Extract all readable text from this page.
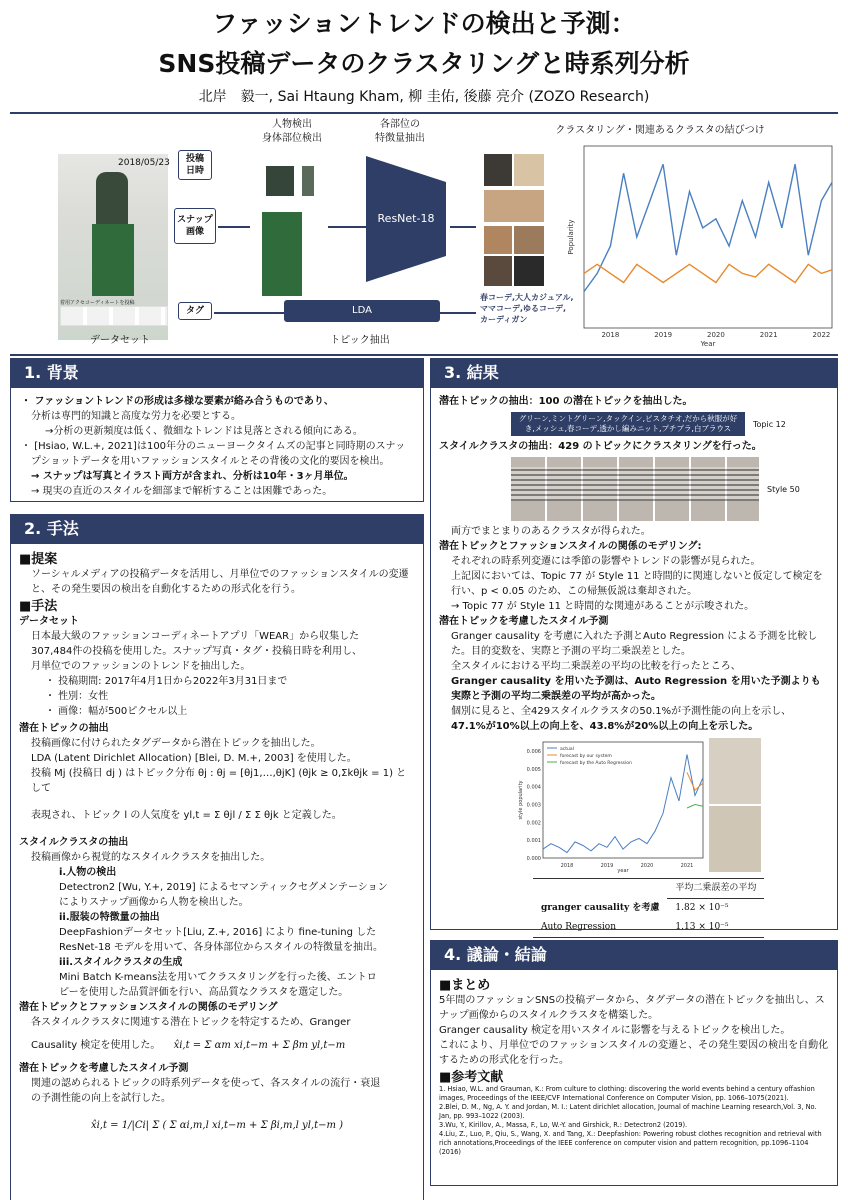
ファッショントレンドの検出と予測：
SNS投稿データのクラスタリングと時系列分析
北岸　毅一, Sai Htaung Kham, 柳 圭佑, 後藤 亮介 (ZOZO Research)
2018/05/23
着用アクセコーディネートを投稿
投稿
日時
スナップ
画像
タグ
人物検出
身体部位検出
各部位の
特徴量抽出
ResNet-18
LDA
データセット	トピック抽出
クラスタリング・関連あるクラスタの結びつけ
春コーデ,大人カジュアル,
ママコーデ,ゆるコーデ,
カーディガン
2018	2019	2020	2021	2022
Year
Popularity
1. 背景
・ ファッショントレンドの形成は多様な要素が絡み合うものであり、
分析は専門的知識と高度な労力を必要とする。
→分析の更新頻度は低く、微細なトレンドは見落とされる傾向にある。
・ [Hsiao, W.L.+, 2021]は100年分のニューヨークタイムズの記事と同時期のスナップショットデータを用いファッションスタイルとその背後の文化的要因を検出。
→ スナップは写真とイラスト両方が含まれ、分析は10年・3ヶ月単位。
→ 現実の直近のスタイルを細部まで解析することは困難であった。
2. 手法
■提案
ソーシャルメディアの投稿データを活用し、月単位でのファッションスタイルの変遷と、その発生要因の検出を自動化するための形式化を行う。
■手法
データセット
日本最大級のファッションコーディネートアプリ「WEAR」から収集した
307,484件の投稿を使用した。スナップ写真・タグ・投稿日時を利用し、
月単位でのファッションのトレンドを抽出した。
・ 投稿期間: 2017年4月1日から2022年3月31日まで
・ 性別：女性
・ 画像：幅が500ピクセル以上
潜在トピックの抽出
投稿画像に付けられたタグデータから潜在トピックを抽出した。
LDA (Latent Dirichlet Allocation) [Blei, D. M.+, 2003] を使用した。
投稿 Mj (投稿日 dj ) はトピック分布 θj : θj = [θj1,…,θjK] (θjk ≥ 0,Σkθjk = 1) として
表現され、トピック l の人気度を yl,t = Σ θjl / Σ Σ θjk と定義した。
スタイルクラスタの抽出
投稿画像から視覚的なスタイルクラスタを抽出した。
i.人物の検出
Detectron2 [Wu, Y.+, 2019] によるセマンティックセグメンテーション
によりスナップ画像から人物を検出した。
ii.服装の特徴量の抽出
DeepFashionデータセット[Liu, Z.+, 2016] により fine-tuning した
ResNet-18 モデルを用いて、各身体部位からスタイルの特徴量を抽出。
iii.スタイルクラスタの生成
Mini Batch K-means法を用いてクラスタリングを行った後、エントロ
ピーを使用した品質評価を行い、高品質なクラスタを選定した。
潜在トピックとファッションスタイルの関係のモデリング
各スタイルクラスタに関連する潜在トピックを特定するため、Granger
Causality 検定を使用した。 x̂i,t = Σ αm xi,t−m + Σ βm yl,t−m
潜在トピックを考慮したスタイル予測
関連の認められるトピックの時系列データを使って、各スタイルの流行・衰退
の予測性能の向上を試行した。
x̂i,t = 1/|Ci| Σ ( Σ αi,m,l xi,t−m + Σ βi,m,l yl,t−m )
3. 結果
潜在トピックの抽出：100 の潜在トピックを抽出した。
グリーン,ミントグリーン,タックイン,ビスタチオ,だから秋服が好き,メッシュ,春コーデ,透かし編みニット,プチプラ,白ブラウス	Topic 12
スタイルクラスタの抽出：429 のトピックにクラスタリングを行った。
Style 50
両方でまとまりのあるクラスタが得られた。
潜在トピックとファッションスタイルの関係のモデリング:
それぞれの時系列変遷には季節の影響やトレンドの影響が見られた。
上記図においては、Topic 77 が Style 11 と時間的に関連しないと仮定して検定を行い、p < 0.05 のため、この帰無仮説は棄却された。
→ Topic 77 が Style 11 と時間的な関連があることが示唆された。
潜在トピックを考慮したスタイル予測
Granger causality を考慮に入れた予測とAuto Regression による予測を比較した。目的変数を、実際と予測の平均二乗誤差とした。
全スタイルにおける平均二乗誤差の平均の比較を行ったところ、
Granger causality を用いた予測は、Auto Regression を用いた予測よりも実際と予測の平均二乗誤差の平均が高かった。
個別に見ると、全429スタイルクラスタの50.1%が予測性能の向上を示し、
47.1%が10%以上の向上を、43.8%が20%以上の向上を示した。
2018	2019	2020	2021
0.000
0.001
0.002
0.003
0.004
0.005
0.006
year
style popularity
actual
forecast by our system
forecast by the Auto Regression
	平均二乗誤差の平均
granger causality を考慮	1.82 × 10⁻⁵
Auto Regression	1.13 × 10⁻⁵
4. 議論・結論
■まとめ
5年間のファッションSNSの投稿データから、タグデータの潜在トピックを抽出し、スナップ画像からのスタイルクラスタを構築した。
Granger causality 検定を用いスタイルに影響を与えるトピックを検出した。
これにより、月単位でのファッションスタイルの変遷と、その発生要因の検出を自動化するための形式化を行った。
■参考文献
1. Hsiao, W.L. and Grauman, K.: From culture to clothing: discovering the world events behind a century offashion images, Proceedings of the IEEE/CVF International Conference on Computer Vision, pp. 1066–1075(2021).
2.Blei, D. M., Ng, A. Y. and Jordan, M. I.: Latent dirichlet allocation, Journal of machine Learning research,Vol. 3, No. Jan, pp. 993–1022 (2003).
3.Wu, Y., Kirillov, A., Massa, F., Lo, W.-Y. and Girshick, R.: Detectron2 (2019).
4.Liu, Z., Luo, P., Qiu, S., Wang, X. and Tang, X.: Deepfashion: Powering robust clothes recognition and retrieval with rich annotations,Proceedings of the IEEE conference on computer vision and pattern recognition, pp.1096–1104 (2016)
